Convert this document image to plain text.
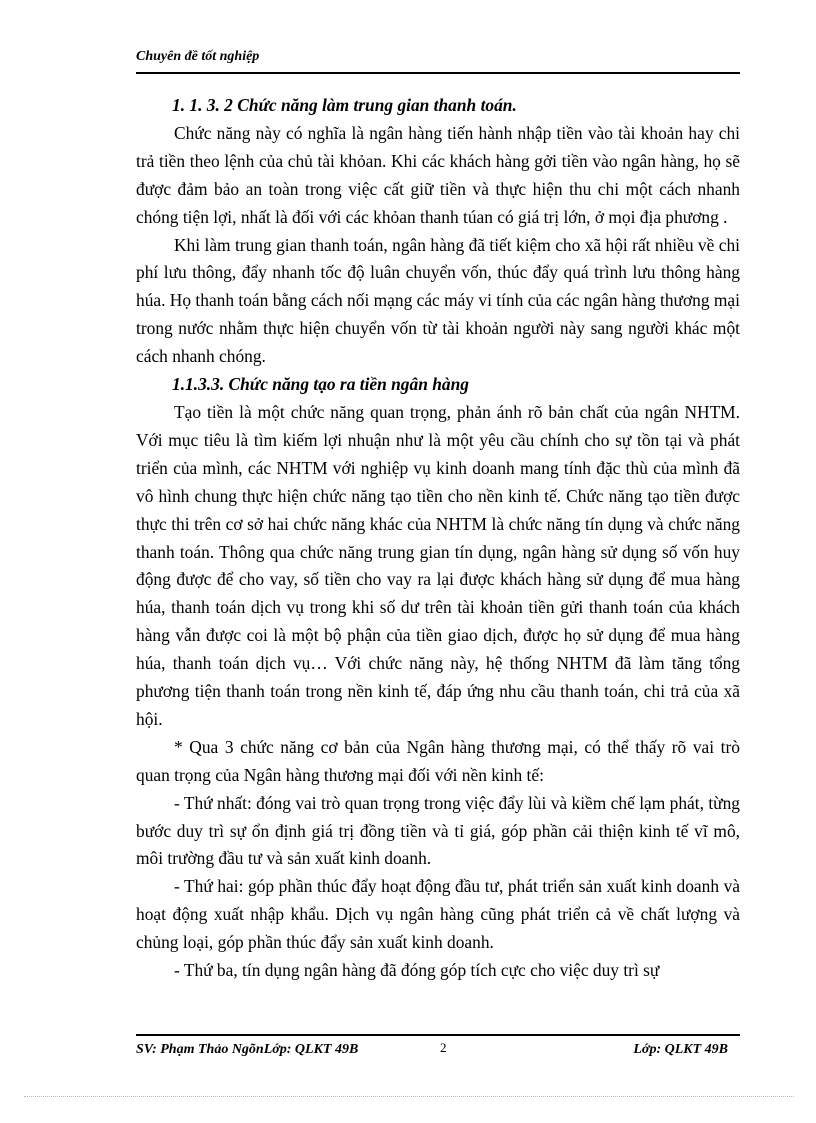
Chuyên đề tốt nghiệp

1. 1. 3. 2 Chức năng làm trung gian thanh toán.

Chức năng này có nghĩa là ngân hàng tiến hành nhập tiền vào tài khoản hay chi trả tiền theo lệnh của chủ tài khỏan. Khi các khách hàng gởi tiền vào ngân hàng, họ sẽ được đảm bảo an toàn trong việc cất giữ tiền và thực hiện thu chi một cách nhanh chóng tiện lợi, nhất là đối với các khỏan thanh túan có giá trị lớn, ở mọi địa phương .

Khi làm trung gian thanh toán, ngân hàng đã tiết kiệm cho xã hội rất nhiều về chi phí lưu thông, đẩy nhanh tốc độ luân chuyển vốn, thúc đẩy quá trình lưu thông hàng húa. Họ thanh toán bằng cách nối mạng các máy vi tính của các ngân hàng thương mại trong nước nhằm thực hiện chuyển vốn từ tài khoản người này sang người khác một cách nhanh chóng.

1.1.3.3. Chức năng tạo ra tiền ngân hàng

Tạo tiền là một chức năng quan trọng, phản ánh rõ bản chất của ngân NHTM. Với mục tiêu là tìm kiếm lợi nhuận như là một yêu cầu chính cho sự tồn tại và phát triển của mình, các NHTM với nghiệp vụ kinh doanh mang tính đặc thù của mình đã vô hình chung thực hiện chức năng tạo tiền cho nền kinh tế. Chức năng tạo tiền được thực thi trên cơ sở hai chức năng khác của NHTM là chức năng tín dụng và chức năng thanh toán. Thông qua chức năng trung gian tín dụng, ngân hàng sử dụng số vốn huy động được để cho vay, số tiền cho vay ra lại được khách hàng sử dụng để mua hàng húa, thanh toán dịch vụ trong khi số dư trên tài khoản tiền gửi thanh toán của khách hàng vẫn được coi là một bộ phận của tiền giao dịch, được họ sử dụng để mua hàng húa, thanh toán dịch vụ… Với chức năng này, hệ thống NHTM đã làm tăng tổng phương tiện thanh toán trong nền kinh tế, đáp ứng nhu cầu thanh toán, chi trả của xã hội.

* Qua 3 chức năng cơ bản của Ngân hàng thương mại, có thể thấy rõ vai trò quan trọng của Ngân hàng thương mại đối với nền kinh tế:

- Thứ nhất: đóng vai trò quan trọng trong việc đẩy lùi và kiềm chế lạm phát, từng bước duy trì sự ổn định giá trị đồng tiền và tỉ giá, góp phần cải thiện kinh tế vĩ mô, môi trường đầu tư và sản xuất kinh doanh.

- Thứ hai: góp phần thúc đẩy hoạt động đầu tư, phát triển sản xuất kinh doanh và hoạt động xuất nhập khẩu. Dịch vụ ngân hàng cũng phát triển cả về chất lượng và chủng loại, góp phần thúc đẩy sản xuất kinh doanh.

- Thứ ba, tín dụng ngân hàng đã đóng góp tích cực cho việc duy trì sự

SV: Phạm Thảo NgõnLớp: QLKT 49B	2	Lớp: QLKT 49B
